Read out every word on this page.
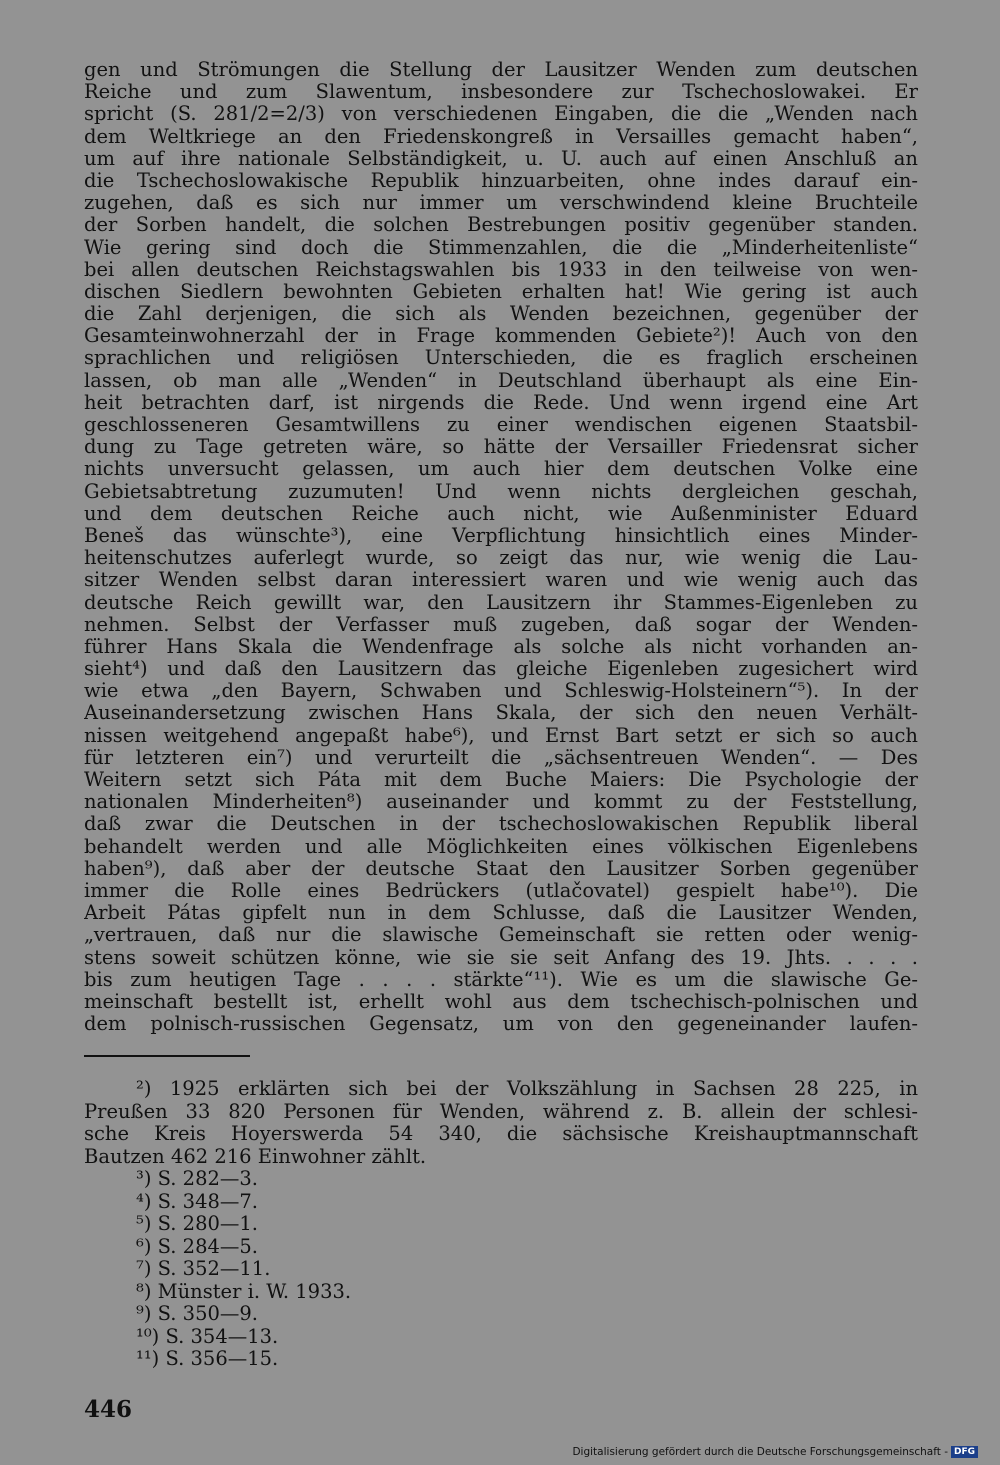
gen und Strömungen die Stellung der Lausitzer Wenden zum deutschen
Reiche und zum Slawentum, insbesondere zur Tschechoslowakei. Er
spricht (S. 281/2=2/3) von verschiedenen Eingaben, die die „Wenden nach
dem Weltkriege an den Friedenskongreß in Versailles gemacht haben“,
um auf ihre nationale Selbständigkeit, u. U. auch auf einen Anschluß an
die Tschechoslowakische Republik hinzuarbeiten, ohne indes darauf ein-
zugehen, daß es sich nur immer um verschwindend kleine Bruchteile
der Sorben handelt, die solchen Bestrebungen positiv gegenüber standen.
Wie gering sind doch die Stimmenzahlen, die die „Minderheitenliste“
bei allen deutschen Reichstagswahlen bis 1933 in den teilweise von wen-
dischen Siedlern bewohnten Gebieten erhalten hat! Wie gering ist auch
die Zahl derjenigen, die sich als Wenden bezeichnen, gegenüber der
Gesamteinwohnerzahl der in Frage kommenden Gebiete²)! Auch von den
sprachlichen und religiösen Unterschieden, die es fraglich erscheinen
lassen, ob man alle „Wenden“ in Deutschland überhaupt als eine Ein-
heit betrachten darf, ist nirgends die Rede. Und wenn irgend eine Art
geschlosseneren Gesamtwillens zu einer wendischen eigenen Staatsbil-
dung zu Tage getreten wäre, so hätte der Versailler Friedensrat sicher
nichts unversucht gelassen, um auch hier dem deutschen Volke eine
Gebietsabtretung zuzumuten! Und wenn nichts dergleichen geschah,
und dem deutschen Reiche auch nicht, wie Außenminister Eduard
Beneš das wünschte³), eine Verpflichtung hinsichtlich eines Minder-
heitenschutzes auferlegt wurde, so zeigt das nur, wie wenig die Lau-
sitzer Wenden selbst daran interessiert waren und wie wenig auch das
deutsche Reich gewillt war, den Lausitzern ihr Stammes-Eigenleben zu
nehmen. Selbst der Verfasser muß zugeben, daß sogar der Wenden-
führer Hans Skala die Wendenfrage als solche als nicht vorhanden an-
sieht⁴) und daß den Lausitzern das gleiche Eigenleben zugesichert wird
wie etwa „den Bayern, Schwaben und Schleswig-Holsteinern“⁵). In der
Auseinandersetzung zwischen Hans Skala, der sich den neuen Verhält-
nissen weitgehend angepaßt habe⁶), und Ernst Bart setzt er sich so auch
für letzteren ein⁷) und verurteilt die „sächsentreuen Wenden“. — Des
Weitern setzt sich Páta mit dem Buche Maiers: Die Psychologie der
nationalen Minderheiten⁸) auseinander und kommt zu der Feststellung,
daß zwar die Deutschen in der tschechoslowakischen Republik liberal
behandelt werden und alle Möglichkeiten eines völkischen Eigenlebens
haben⁹), daß aber der deutsche Staat den Lausitzer Sorben gegenüber
immer die Rolle eines Bedrückers (utlačovatel) gespielt habe¹⁰). Die
Arbeit Pátas gipfelt nun in dem Schlusse, daß die Lausitzer Wenden,
„vertrauen, daß nur die slawische Gemeinschaft sie retten oder wenig-
stens soweit schützen könne, wie sie sie seit Anfang des 19. Jhts. . . . .
bis zum heutigen Tage . . . . stärkte“¹¹). Wie es um die slawische Ge-
meinschaft bestellt ist, erhellt wohl aus dem tschechisch-polnischen und
dem polnisch-russischen Gegensatz, um von den gegeneinander laufen-
²) 1925 erklärten sich bei der Volkszählung in Sachsen 28 225, in
Preußen 33 820 Personen für Wenden, während z. B. allein der schlesi-
sche Kreis Hoyerswerda 54 340, die sächsische Kreishauptmannschaft
Bautzen 462 216 Einwohner zählt.
³) S. 282—3.
⁴) S. 348—7.
⁵) S. 280—1.
⁶) S. 284—5.
⁷) S. 352—11.
⁸) Münster i. W. 1933.
⁹) S. 350—9.
¹⁰) S. 354—13.
¹¹) S. 356—15.
446
Digitalisierung gefördert durch die Deutsche Forschungsgemeinschaft - DFG
